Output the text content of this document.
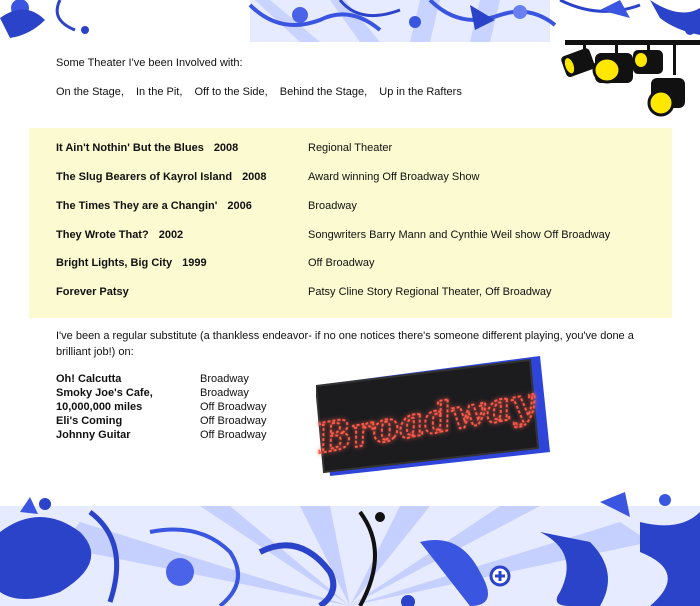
Some Theater I've been Involved with:
On the Stage, In the Pit, Off to the Side, Behind the Stage, Up in the Rafters
It Ain't Nothin' But the Blues 2008	Regional Theater
The Slug Bearers of Kayrol Island 2008	Award winning Off Broadway Show
The Times They are a Changin' 2006	Broadway
They Wrote That? 2002	Songwriters Barry Mann and Cynthie Weil show Off Broadway
Bright Lights, Big City 1999	Off Broadway
Forever Patsy	Patsy Cline Story Regional Theater, Off Broadway
I've been a regular substitute (a thankless endeavor- if no one notices there's someone different playing, you've done a brilliant job!) on:
Oh! Calcutta	Broadway
Smoky Joe's Cafe,	Broadway
10,000,000 miles	Off Broadway
Eli's Coming	Off Broadway
Johnny Guitar	Off Broadway Broadway
